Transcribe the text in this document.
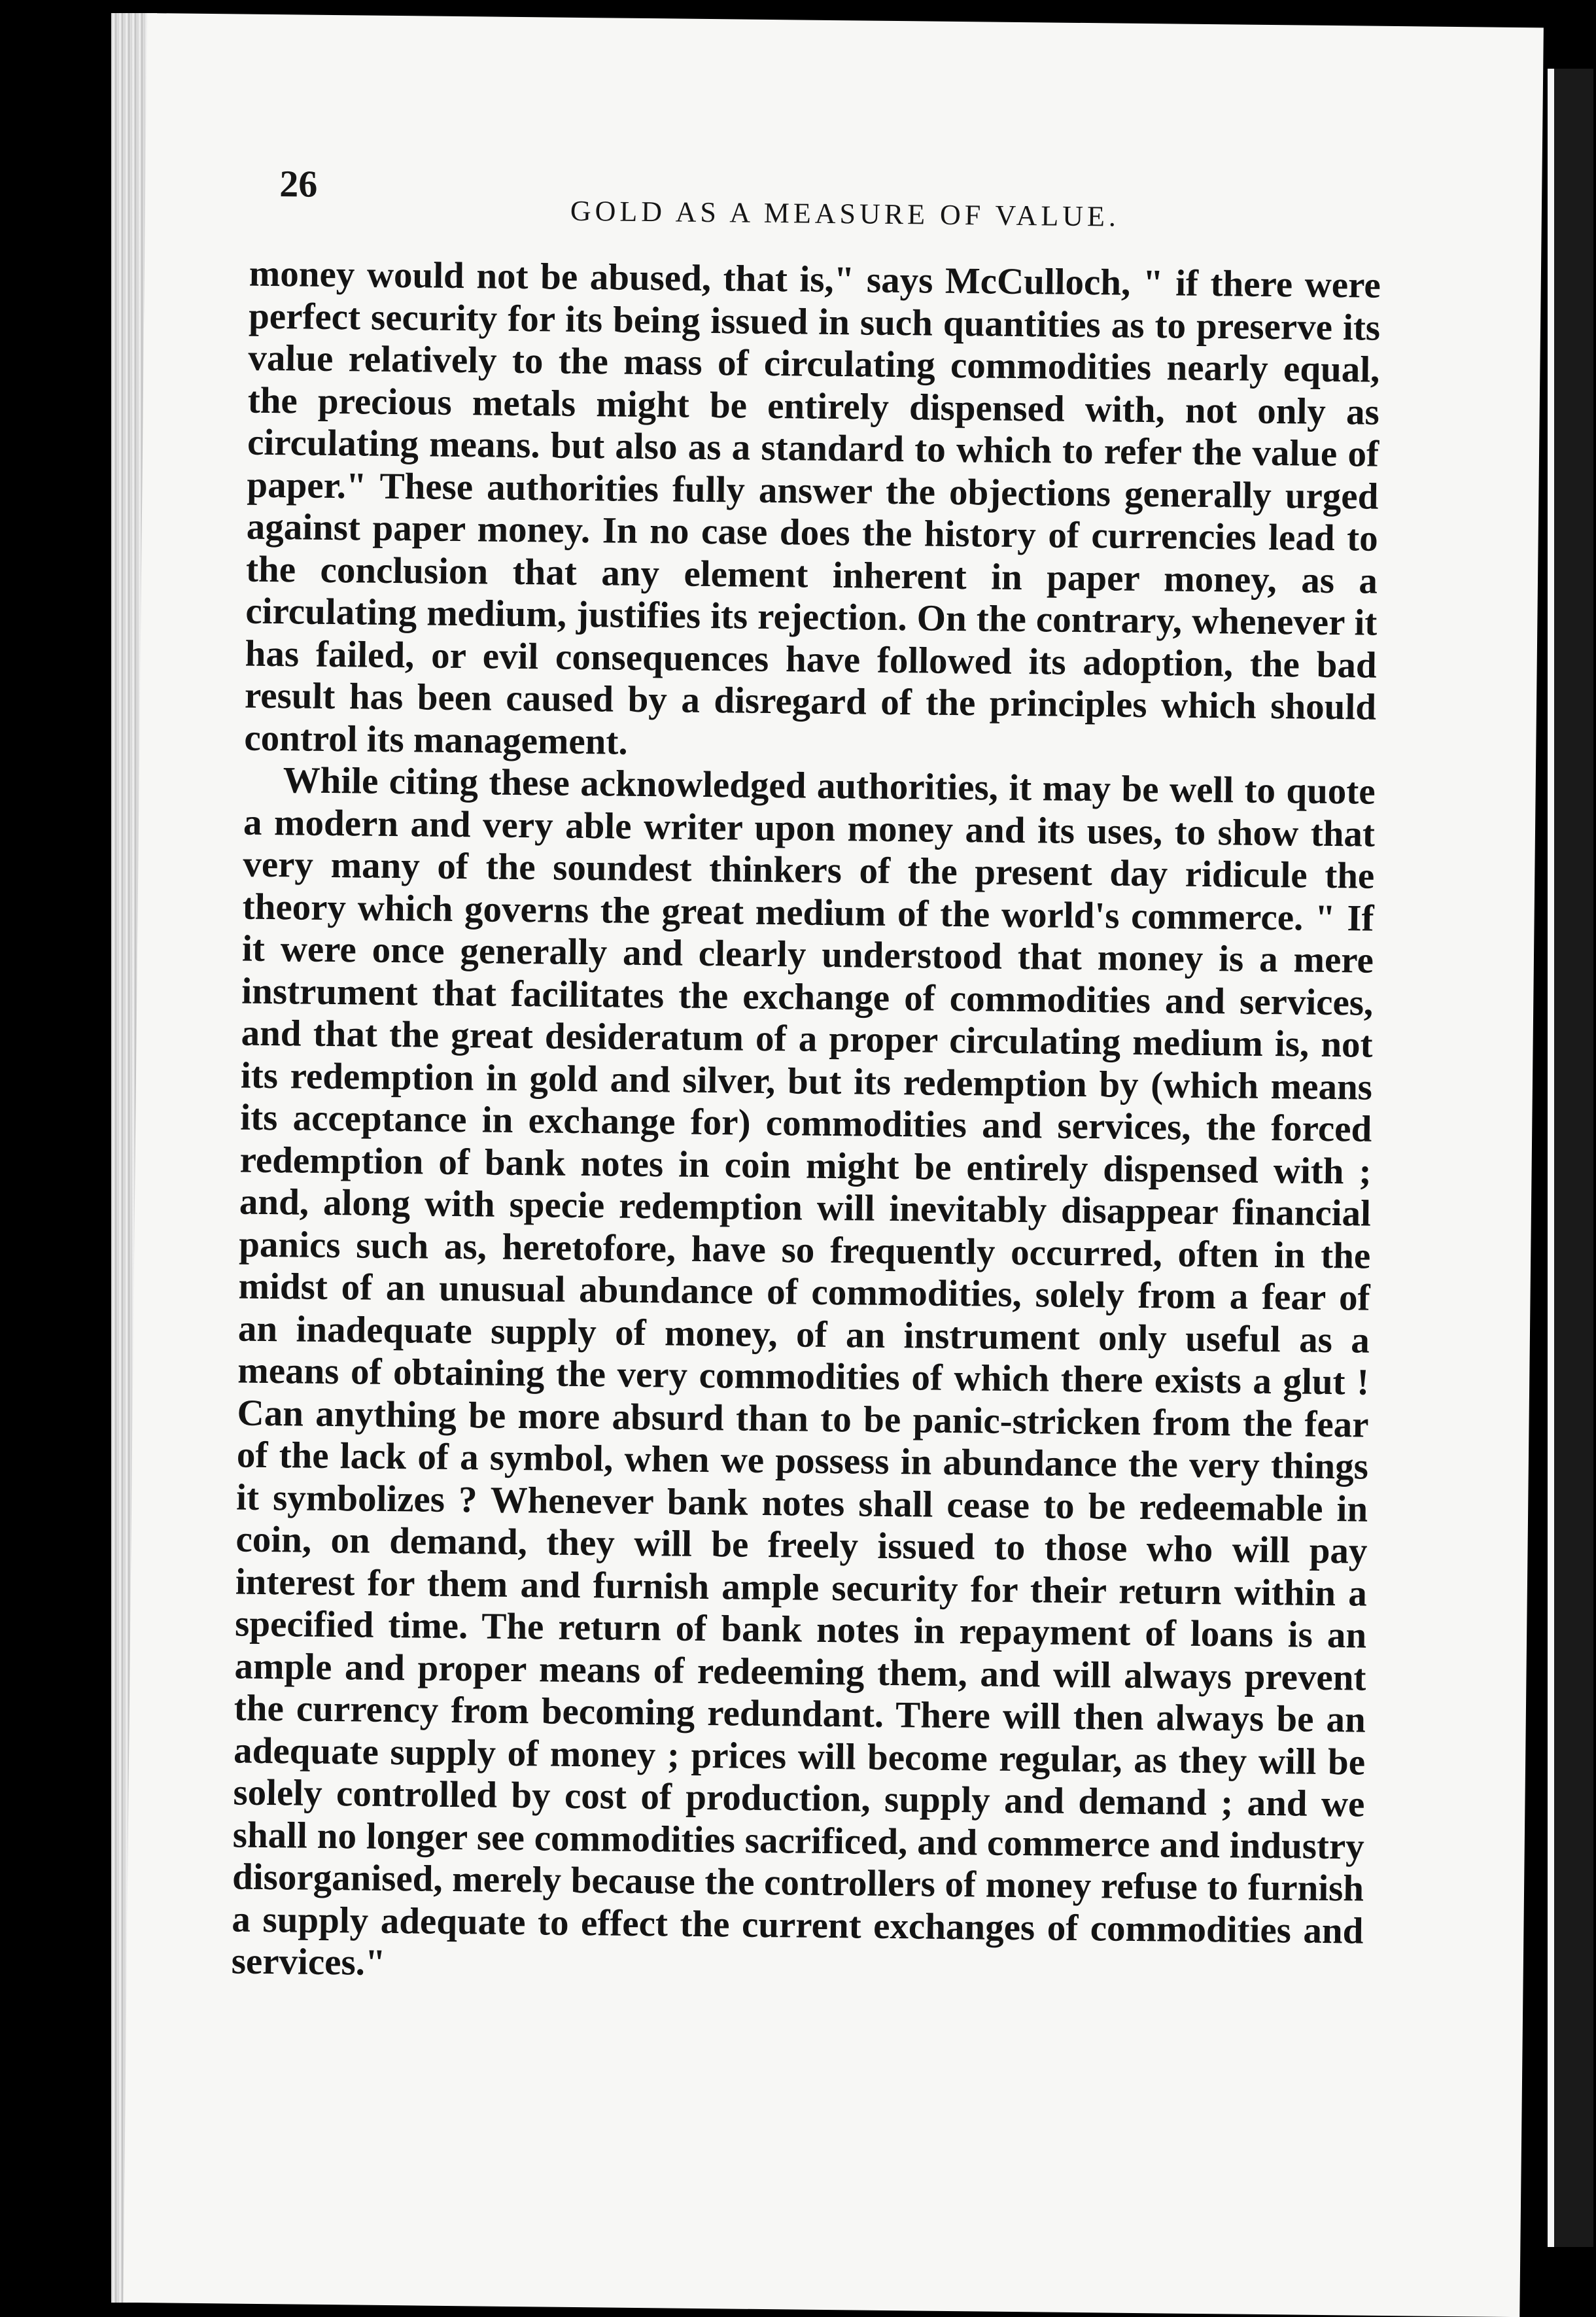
26
GOLD AS A MEASURE OF VALUE.

money would not be abused, that is," says McCulloch, " if there were perfect security for its being issued in such quantities as to preserve its value relatively to the mass of circulating commodities nearly equal, the precious metals might be entirely dispensed with, not only as circulating means. but also as a standard to which to refer the value of paper." These authorities fully answer the objections generally urged against paper money. In no case does the history of currencies lead to the conclusion that any element inherent in paper money, as a circulating medium, justifies its rejection. On the contrary, whenever it has failed, or evil consequences have followed its adoption, the bad result has been caused by a disregard of the principles which should control its management.

While citing these acknowledged authorities, it may be well to quote a modern and very able writer upon money and its uses, to show that very many of the soundest thinkers of the present day ridicule the theory which governs the great medium of the world's commerce. " If it were once generally and clearly understood that money is a mere instrument that facilitates the exchange of commodities and services, and that the great desideratum of a proper circulating medium is, not its redemption in gold and silver, but its redemption by (which means its acceptance in exchange for) commodities and services, the forced redemption of bank notes in coin might be entirely dispensed with ; and, along with specie redemption will inevitably disappear financial panics such as, heretofore, have so frequently occurred, often in the midst of an unusual abundance of commodities, solely from a fear of an inadequate supply of money, of an instrument only useful as a means of obtaining the very commodities of which there exists a glut ! Can anything be more absurd than to be panic-stricken from the fear of the lack of a symbol, when we possess in abundance the very things it symbolizes ? Whenever bank notes shall cease to be redeemable in coin, on demand, they will be freely issued to those who will pay interest for them and furnish ample security for their return within a specified time. The return of bank notes in repayment of loans is an ample and proper means of redeeming them, and will always prevent the currency from becoming redundant. There will then always be an adequate supply of money ; prices will become regular, as they will be solely controlled by cost of production, supply and demand ; and we shall no longer see commodities sacrificed, and commerce and industry disorganised, merely because the controllers of money refuse to furnish a supply adequate to effect the current exchanges of commodities and services."
